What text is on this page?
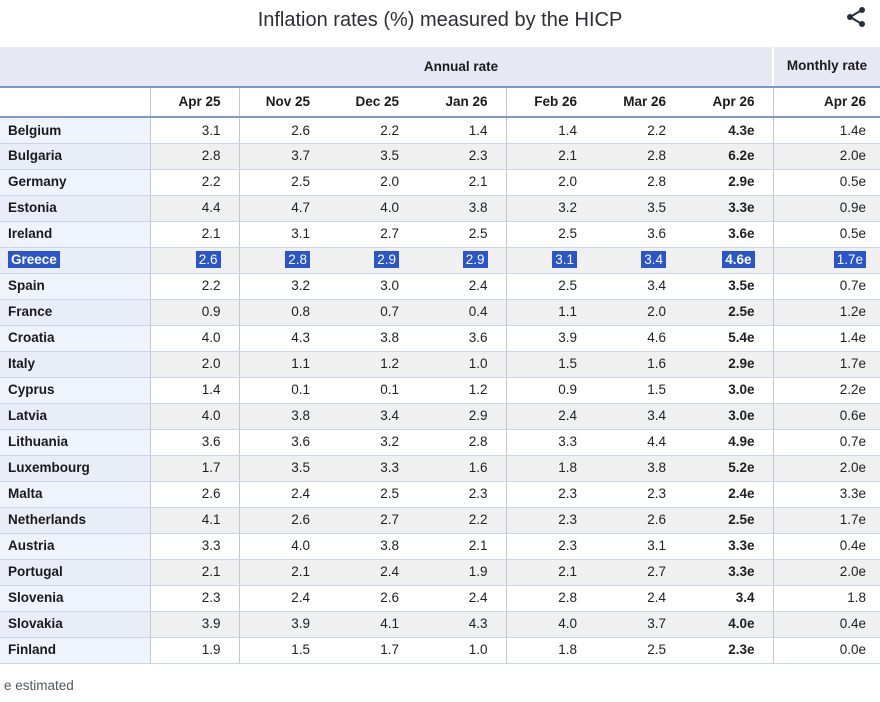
Inflation rates (%) measured by the HICP
	Annual rate							Monthly rate
	Apr 25	Nov 25	Dec 25	Jan 26	Feb 26	Mar 26	Apr 26	Apr 26
Belgium	3.1	2.6	2.2	1.4	1.4	2.2	4.3e	1.4e
Bulgaria	2.8	3.7	3.5	2.3	2.1	2.8	6.2e	2.0e
Germany	2.2	2.5	2.0	2.1	2.0	2.8	2.9e	0.5e
Estonia	4.4	4.7	4.0	3.8	3.2	3.5	3.3e	0.9e
Ireland	2.1	3.1	2.7	2.5	2.5	3.6	3.6e	0.5e
Greece	2.6	2.8	2.9	2.9	3.1	3.4	4.6e	1.7e
Spain	2.2	3.2	3.0	2.4	2.5	3.4	3.5e	0.7e
France	0.9	0.8	0.7	0.4	1.1	2.0	2.5e	1.2e
Croatia	4.0	4.3	3.8	3.6	3.9	4.6	5.4e	1.4e
Italy	2.0	1.1	1.2	1.0	1.5	1.6	2.9e	1.7e
Cyprus	1.4	0.1	0.1	1.2	0.9	1.5	3.0e	2.2e
Latvia	4.0	3.8	3.4	2.9	2.4	3.4	3.0e	0.6e
Lithuania	3.6	3.6	3.2	2.8	3.3	4.4	4.9e	0.7e
Luxembourg	1.7	3.5	3.3	1.6	1.8	3.8	5.2e	2.0e
Malta	2.6	2.4	2.5	2.3	2.3	2.3	2.4e	3.3e
Netherlands	4.1	2.6	2.7	2.2	2.3	2.6	2.5e	1.7e
Austria	3.3	4.0	3.8	2.1	2.3	3.1	3.3e	0.4e
Portugal	2.1	2.1	2.4	1.9	2.1	2.7	3.3e	2.0e
Slovenia	2.3	2.4	2.6	2.4	2.8	2.4	3.4	1.8
Slovakia	3.9	3.9	4.1	4.3	4.0	3.7	4.0e	0.4e
Finland	1.9	1.5	1.7	1.0	1.8	2.5	2.3e	0.0e
e estimated
